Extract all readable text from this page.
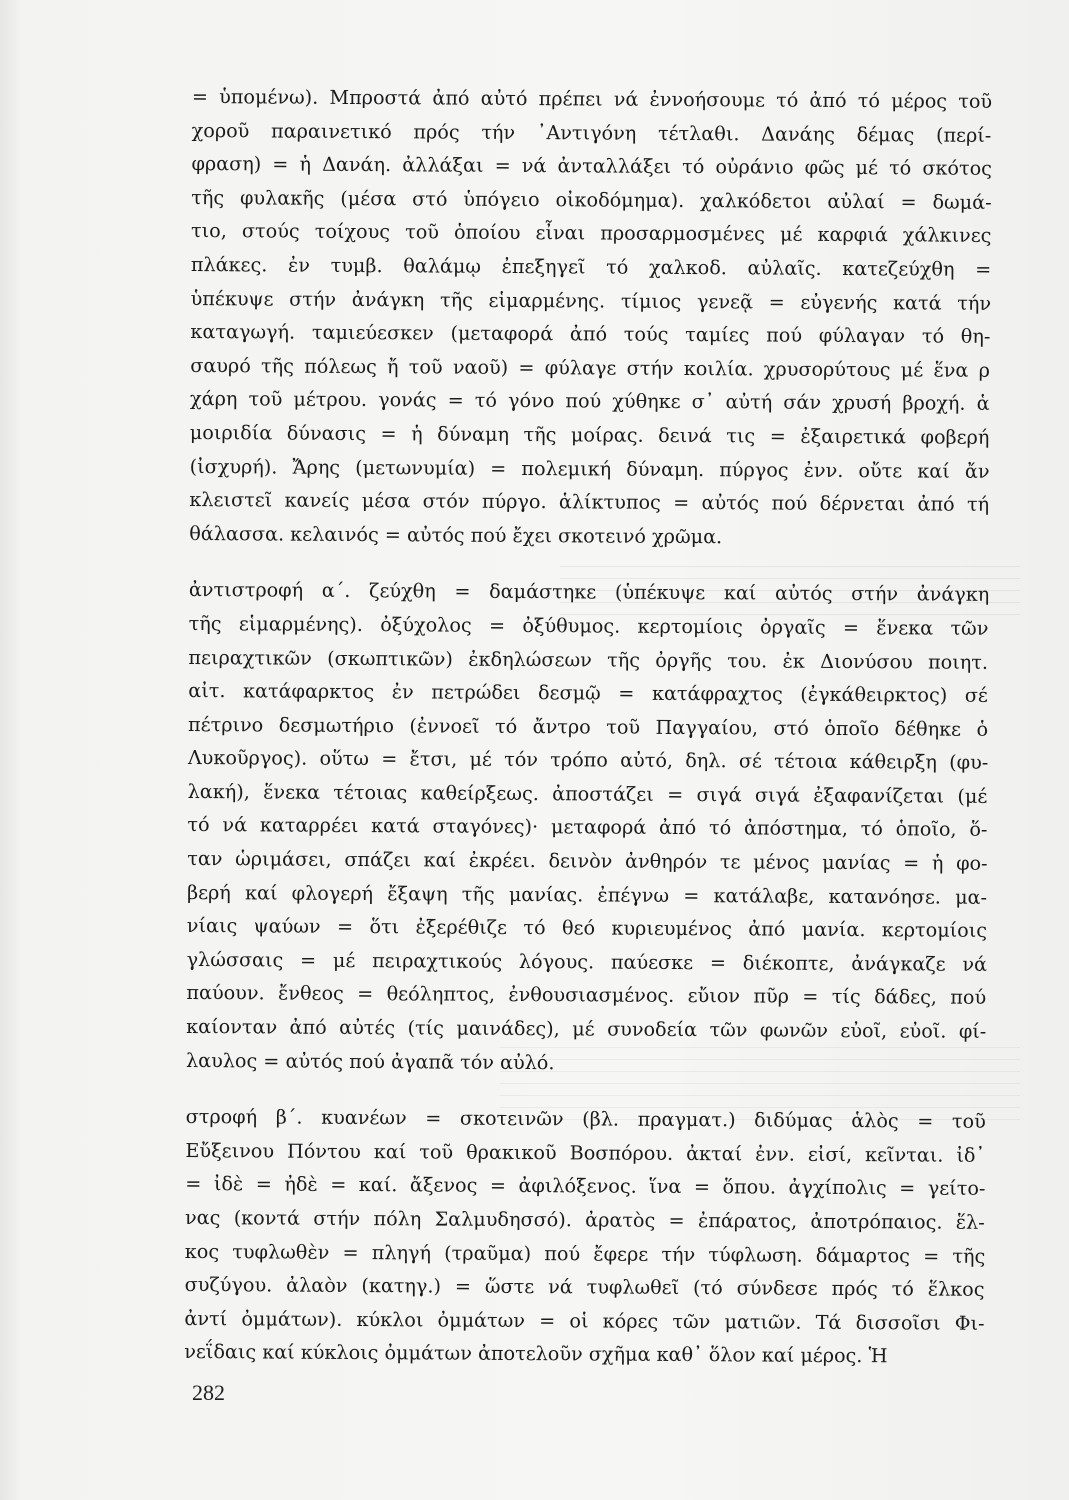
= ὑπομένω). Μπροστά ἀπό αὐτό πρέπει νά ἐννοήσουμε τό ἀπό τό μέρος τοῦ
χοροῦ παραινετικό πρός τήν ᾿Αντιγόνη τέτλαθι. Δανάης δέμας (περί-
φραση) = ἡ Δανάη. ἀλλάξαι = νά ἀνταλλάξει τό οὐράνιο φῶς μέ τό σκότος
τῆς φυλακῆς (μέσα στό ὑπόγειο οἰκοδόμημα). χαλκόδετοι αὐλαί = δωμά-
τιο, στούς τοίχους τοῦ ὁποίου εἶναι προσαρμοσμένες μέ καρφιά χάλκινες
πλάκες. ἐν τυμβ. θαλάμῳ ἐπεξηγεῖ τό χαλκοδ. αὐλαῖς. κατεζεύχθη =
ὑπέκυψε στήν ἀνάγκη τῆς εἱμαρμένης. τίμιος γενεᾷ = εὐγενής κατά τήν
καταγωγή. ταμιεύεσκεν (μεταφορά ἀπό τούς ταμίες πού φύλαγαν τό θη-
σαυρό τῆς πόλεως ἤ τοῦ ναοῦ) = φύλαγε στήν κοιλία. χρυσορύτους μέ ἕνα ρ
χάρη τοῦ μέτρου. γονάς = τό γόνο πού χύθηκε σ᾿ αὐτή σάν χρυσή βροχή. ἁ
μοιριδία δύνασις = ἡ δύναμη τῆς μοίρας. δεινά τις = ἐξαιρετικά φοβερή
(ἰσχυρή). Ἄρης (μετωνυμία) = πολεμική δύναμη. πύργος ἐνν. οὔτε καί ἄν
κλειστεῖ κανείς μέσα στόν πύργο. ἁλίκτυπος = αὐτός πού δέρνεται ἀπό τή
θάλασσα. κελαινός = αὐτός πού ἔχει σκοτεινό χρῶμα.

ἀντιστροφή α΄. ζεύχθη = δαμάστηκε (ὑπέκυψε καί αὐτός στήν ἀνάγκη
τῆς εἱμαρμένης). ὀξύχολος = ὀξύθυμος. κερτομίοις ὀργαῖς = ἕνεκα τῶν
πειραχτικῶν (σκωπτικῶν) ἐκδηλώσεων τῆς ὀργῆς του. ἐκ Διονύσου ποιητ.
αἰτ. κατάφαρκτος ἐν πετρώδει δεσμῷ = κατάφραχτος (ἐγκάθειρκτος) σέ
πέτρινο δεσμωτήριο (ἐννοεῖ τό ἄντρο τοῦ Παγγαίου, στό ὁποῖο δέθηκε ὁ
Λυκοῦργος). οὕτω = ἔτσι, μέ τόν τρόπο αὐτό, δηλ. σέ τέτοια κάθειρξη (φυ-
λακή), ἕνεκα τέτοιας καθείρξεως. ἀποστάζει = σιγά σιγά ἐξαφανίζεται (μέ
τό νά καταρρέει κατά σταγόνες)· μεταφορά ἀπό τό ἀπόστημα, τό ὁποῖο, ὅ-
ταν ὡριμάσει, σπάζει καί ἐκρέει. δεινὸν ἀνθηρόν τε μένος μανίας = ἡ φο-
βερή καί φλογερή ἔξαψη τῆς μανίας. ἐπέγνω = κατάλαβε, κατανόησε. μα-
νίαις ψαύων = ὅτι ἐξερέθιζε τό θεό κυριευμένος ἀπό μανία. κερτομίοις
γλώσσαις = μέ πειραχτικούς λόγους. παύεσκε = διέκοπτε, ἀνάγκαζε νά
παύουν. ἔνθεος = θεόληπτος, ἐνθουσιασμένος. εὔιον πῦρ = τίς δάδες, πού
καίονταν ἀπό αὐτές (τίς μαινάδες), μέ συνοδεία τῶν φωνῶν εὐοῖ, εὐοῖ. φί-
λαυλος = αὐτός πού ἀγαπᾶ τόν αὐλό.

στροφή β΄. κυανέων = σκοτεινῶν (βλ. πραγματ.) διδύμας ἁλὸς = τοῦ
Εὔξεινου Πόντου καί τοῦ θρακικοῦ Βοσπόρου. ἀκταί ἐνν. εἰσί, κεῖνται. ἰδ᾿
= ἰδὲ = ἠδὲ = καί. ἄξενος = ἀφιλόξενος. ἵνα = ὅπου. ἀγχίπολις = γείτο-
νας (κοντά στήν πόλη Σαλμυδησσό). ἀρατὸς = ἐπάρατος, ἀποτρόπαιος. ἕλ-
κος τυφλωθὲν = πληγή (τραῦμα) πού ἔφερε τήν τύφλωση. δάμαρτος = τῆς
συζύγου. ἀλαὸν (κατηγ.) = ὥστε νά τυφλωθεῖ (τό σύνδεσε πρός τό ἕλκος
ἀντί ὀμμάτων). κύκλοι ὀμμάτων = οἱ κόρες τῶν ματιῶν. Τά δισσοῖσι Φι-
νεΐδαις καί κύκλοις ὀμμάτων ἀποτελοῦν σχῆμα καθ᾿ ὅλον καί μέρος. Ἡ

282
